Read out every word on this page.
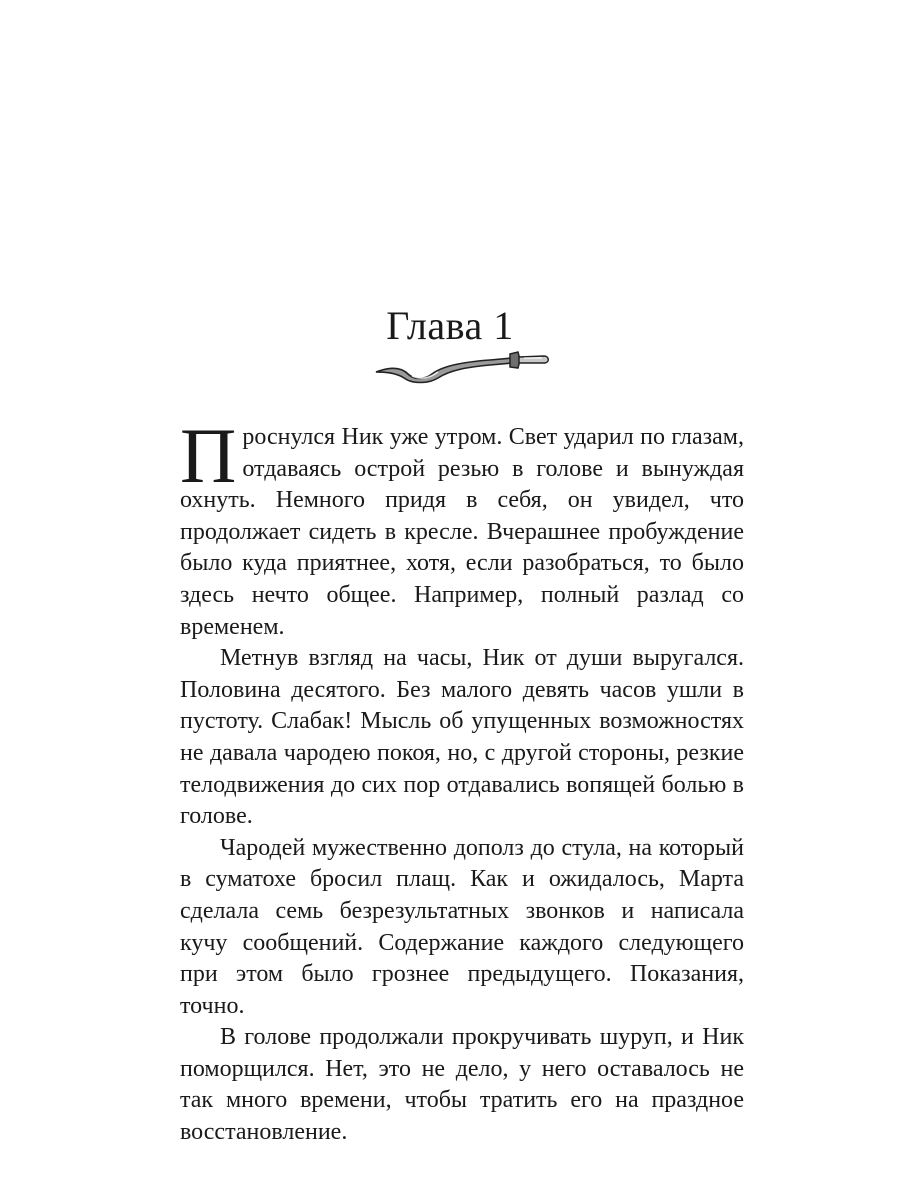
Глава 1

Проснулся Ник уже утром. Свет ударил по глазам, отдаваясь острой резью в голове и вынуждая охнуть. Немного придя в себя, он увидел, что продолжает сидеть в кресле. Вчерашнее пробуждение было куда приятнее, хотя, если разобраться, то было здесь нечто общее. Например, полный разлад со временем.

Метнув взгляд на часы, Ник от души выругался. Половина десятого. Без малого девять часов ушли в пустоту. Слабак! Мысль об упущенных возможностях не давала чародею покоя, но, с другой стороны, резкие телодвижения до сих пор отдавались вопящей болью в голове.

Чародей мужественно дополз до стула, на который в суматохе бросил плащ. Как и ожидалось, Марта сделала семь безрезультатных звонков и написала кучу сообщений. Содержание каждого следующего при этом было грознее предыдущего. Показания, точно.

В голове продолжали прокручивать шуруп, и Ник поморщился. Нет, это не дело, у него оставалось не так много времени, чтобы тратить его на праздное восстановление.
